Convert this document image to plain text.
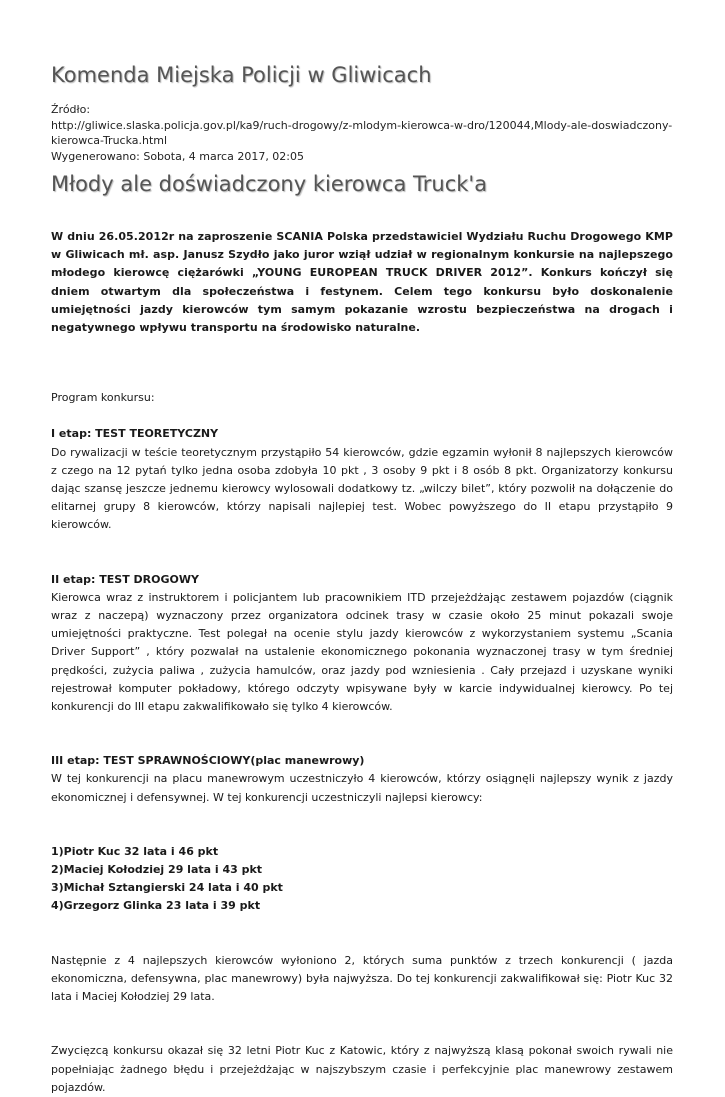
Komenda Miejska Policji w Gliwicach
Źródło:
http://gliwice.slaska.policja.gov.pl/ka9/ruch-drogowy/z-mlodym-kierowca-w-dro/120044,Mlody-ale-doswiadczony-kierowca-Trucka.html
Wygenerowano: Sobota, 4 marca 2017, 02:05
Młody ale doświadczony kierowca Truck'a

W dniu 26.05.2012r na zaproszenie SCANIA Polska przedstawiciel Wydziału Ruchu Drogowego KMP w Gliwicach mł. asp. Janusz Szydło jako juror wziął udział w regionalnym konkursie na najlepszego młodego kierowcę ciężarówki „YOUNG EUROPEAN TRUCK DRIVER 2012”. Konkurs kończył się dniem otwartym dla społeczeństwa i festynem. Celem tego konkursu było doskonalenie umiejętności jazdy kierowców tym samym pokazanie wzrostu bezpieczeństwa na drogach i negatywnego wpływu transportu na środowisko naturalne.

Program konkursu:

I etap: TEST TEORETYCZNY

Do rywalizacji w teście teoretycznym przystąpiło 54 kierowców, gdzie egzamin wyłonił 8 najlepszych kierowców z czego na 12 pytań tylko jedna osoba zdobyła 10 pkt , 3 osoby 9 pkt i 8 osób 8 pkt. Organizatorzy konkursu dając szansę jeszcze jednemu kierowcy wylosowali dodatkowy tz. „wilczy bilet”, który pozwolił na dołączenie do elitarnej grupy 8 kierowców, którzy napisali najlepiej test. Wobec powyższego do II etapu przystąpiło 9 kierowców.

II etap: TEST DROGOWY

Kierowca wraz z instruktorem i policjantem lub pracownikiem ITD przejeżdżając zestawem pojazdów (ciągnik wraz z naczepą) wyznaczony przez organizatora odcinek trasy w czasie około 25 minut pokazali swoje umiejętności praktyczne. Test polegał na ocenie stylu jazdy kierowców z wykorzystaniem systemu „Scania Driver Support” , który pozwalał na ustalenie ekonomicznego pokonania wyznaczonej trasy w tym średniej prędkości, zużycia paliwa , zużycia hamulców, oraz jazdy pod wzniesienia . Cały przejazd i uzyskane wyniki rejestrował komputer pokładowy, którego odczyty wpisywane były w karcie indywidualnej kierowcy. Po tej konkurencji do III etapu zakwalifikowało się tylko 4 kierowców.

III etap: TEST SPRAWNOŚCIOWY(plac manewrowy)

W tej konkurencji na placu manewrowym uczestniczyło 4 kierowców, którzy osiągnęli najlepszy wynik z jazdy ekonomicznej i defensywnej. W tej konkurencji uczestniczyli najlepsi kierowcy:

1)Piotr Kuc 32 lata i 46 pkt

2)Maciej Kołodziej 29 lata i 43 pkt

3)Michał Sztangierski 24 lata i 40 pkt

4)Grzegorz Glinka 23 lata i 39 pkt

Następnie z 4 najlepszych kierowców wyłoniono 2, których suma punktów z trzech konkurencji ( jazda ekonomiczna, defensywna, plac manewrowy) była najwyższa. Do tej konkurencji zakwalifikował się: Piotr Kuc 32 lata i Maciej Kołodziej 29 lata.

Zwycięzcą konkursu okazał się 32 letni Piotr Kuc z Katowic, który z najwyższą klasą pokonał swoich rywali nie popełniając żadnego błędu i przejeżdżając w najszybszym czasie i perfekcyjnie plac manewrowy zestawem pojazdów.
